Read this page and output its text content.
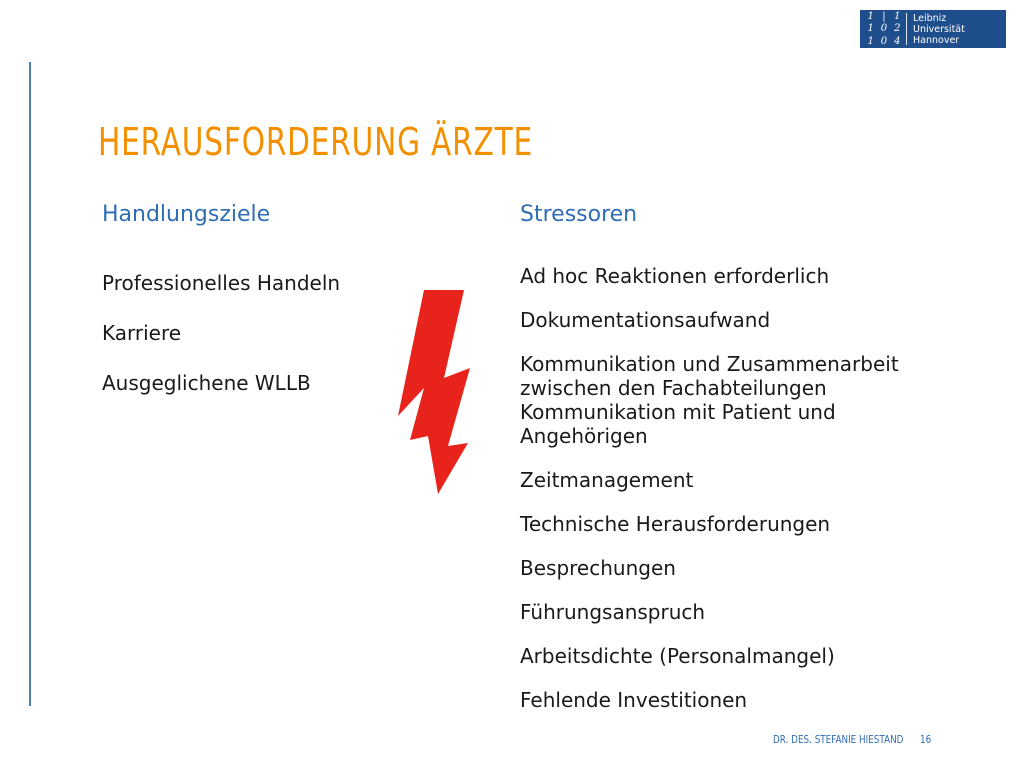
1 | 1
1 0 2
1 0 4
Leibniz
Universität
Hannover
HERAUSFORDERUNG ÄRZTE
Handlungsziele
Professionelles Handeln
Karriere
Ausgeglichene WLLB
Stressoren
Ad hoc Reaktionen erforderlich
Dokumentationsaufwand
Kommunikation und Zusammenarbeit zwischen den Fachabteilungen Kommunikation mit Patient und Angehörigen
Zeitmanagement
Technische Herausforderungen
Besprechungen
Führungsanspruch
Arbeitsdichte (Personalmangel)
Fehlende Investitionen
DR. DES. STEFANIE HIESTAND 16
